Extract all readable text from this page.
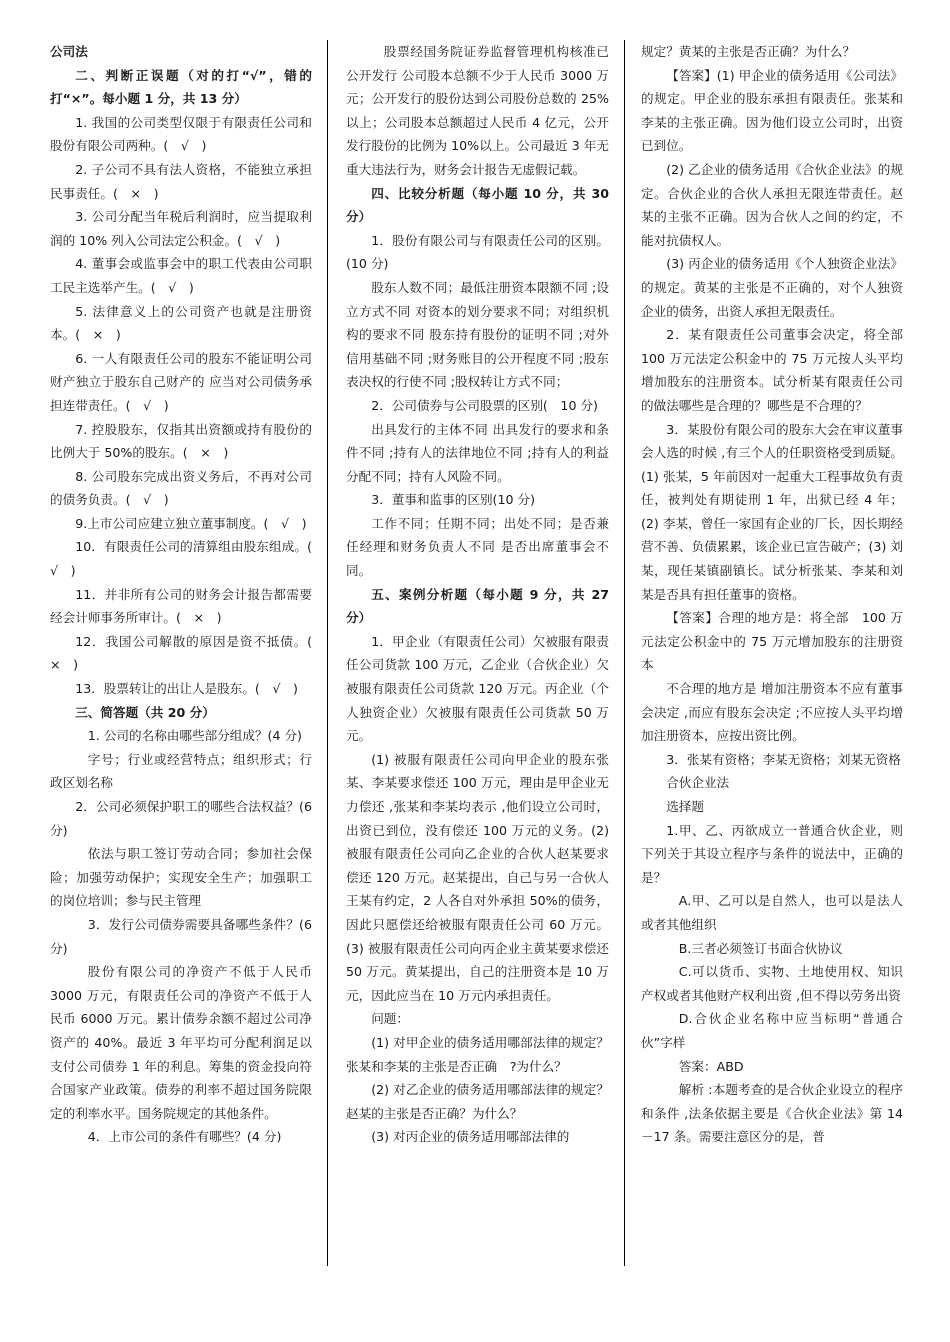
公司法

二、判断正误题（对的打“√”，错的打“×”。每小题 1 分，共 13 分）

1. 我国的公司类型仅限于有限责任公司和股份有限公司两种。(　√　)

2. 子公司不具有法人资格，不能独立承担民事责任。(　×　)

3. 公司分配当年税后利润时，应当提取利润的 10% 列入公司法定公积金。(　√　)

4. 董事会或监事会中的职工代表由公司职工民主选举产生。(　√　)

5. 法律意义上的公司资产也就是注册资本。(　×　)

6. 一人有限责任公司的股东不能证明公司财产独立于股东自己财产的 应当对公司债务承担连带责任。(　√　)

7. 控股股东，仅指其出资额或持有股份的比例大于 50%的股东。(　×　)

8. 公司股东完成出资义务后，不再对公司的债务负责。(　√　)

9.上市公司应建立独立董事制度。(　√　)

10．有限责任公司的清算组由股东组成。(　√　)

11．并非所有公司的财务会计报告都需要经会计师事务所审计。(　×　)

12．我国公司解散的原因是资不抵债。(　×　)

13．股票转让的出让人是股东。(　√　)

三、简答题（共 20 分）

1. 公司的名称由哪些部分组成？(4 分)

字号；行业或经营特点；组织形式；行政区划名称

2．公司必须保护职工的哪些合法权益？(6 分)

依法与职工签订劳动合同；参加社会保险；加强劳动保护；实现安全生产；加强职工的岗位培训；参与民主管理

3．发行公司债券需要具备哪些条件？(6 分)

股份有限公司的净资产不低于人民币 3000 万元，有限责任公司的净资产不低于人民币 6000 万元。累计债券余额不超过公司净资产的 40%。最近 3 年平均可分配利润足以支付公司债券 1 年的利息。筹集的资金投向符合国家产业政策。债券的利率不超过国务院限定的利率水平。国务院规定的其他条件。

4．上市公司的条件有哪些？(4 分)

股票经国务院证券监督管理机构核准已公开发行 公司股本总额不少于人民币 3000 万元；公开发行的股份达到公司股份总数的 25%以上；公司股本总额超过人民币 4 亿元，公开发行股份的比例为 10%以上。公司最近 3 年无重大违法行为，财务会计报告无虚假记载。

四、比较分析题（每小题 10 分，共 30 分）

1．股份有限公司与有限责任公司的区别。(10 分)

股东人数不同；最低注册资本限额不同 ;设立方式不同 对资本的划分要求不同；对组织机构的要求不同 股东持有股份的证明不同 ;对外信用基础不同 ;财务账目的公开程度不同 ;股东表决权的行使不同 ;股权转让方式不同；

2．公司债券与公司股票的区别(　10 分)

出具发行的主体不同 出具发行的要求和条件不同 ;持有人的法律地位不同 ;持有人的利益分配不同；持有人风险不同。

3．董事和监事的区别(10 分)

工作不同；任期不同；出处不同；是否兼任经理和财务负责人不同 是否出席董事会不同。

五、案例分析题（每小题 9 分，共 27 分）

1．甲企业（有限责任公司）欠被服有限责任公司货款 100 万元，乙企业（合伙企业）欠被服有限责任公司货款 120 万元。丙企业（个人独资企业）欠被服有限责任公司货款 50 万元。

(1) 被服有限责任公司向甲企业的股东张某、李某要求偿还 100 万元，理由是甲企业无力偿还 ,张某和李某均表示 ,他们设立公司时，出资已到位，没有偿还 100 万元的义务。(2) 被服有限责任公司向乙企业的合伙人赵某要求偿还 120 万元。赵某提出，自己与另一合伙人王某有约定，2 人各自对外承担 50%的债务，因此只愿偿还给被服有限责任公司 60 万元。(3) 被服有限责任公司向丙企业主黄某要求偿还 50 万元。黄某提出，自己的注册资本是 10 万元，因此应当在 10 万元内承担责任。

问题：

(1) 对甲企业的债务适用哪部法律的规定？张某和李某的主张是否正确　?为什么？

(2) 对乙企业的债务适用哪部法律的规定？赵某的主张是否正确？为什么？

(3) 对丙企业的债务适用哪部法律的

规定？黄某的主张是否正确？为什么？

【答案】(1) 甲企业的债务适用《公司法》的规定。甲企业的股东承担有限责任。张某和李某的主张正确。因为他们设立公司时，出资已到位。

(2) 乙企业的债务适用《合伙企业法》的规定。合伙企业的合伙人承担无限连带责任。赵某的主张不正确。因为合伙人之间的约定，不能对抗债权人。

(3) 丙企业的债务适用《个人独资企业法》的规定。黄某的主张是不正确的，对个人独资企业的债务，出资人承担无限责任。

2．某有限责任公司董事会决定，将全部 100 万元法定公积金中的 75 万元按人头平均增加股东的注册资本。试分析某有限责任公司的做法哪些是合理的？哪些是不合理的？

3．某股份有限公司的股东大会在审议董事会人选的时候 ,有三个人的任职资格受到质疑。(1) 张某，5 年前因对一起重大工程事故负有责任，被判处有期徒刑 1 年，出狱已经 4 年；(2) 李某，曾任一家国有企业的厂长，因长期经营不善、负债累累，该企业已宣告破产；(3) 刘某，现任某镇副镇长。试分析张某、李某和刘某是否具有担任董事的资格。

【答案】合理的地方是：将全部　100 万元法定公积金中的 75 万元增加股东的注册资本

不合理的地方是 增加注册资本不应有董事会决定 ,而应有股东会决定 ;不应按人头平均增加注册资本，应按出资比例。

3．张某有资格；李某无资格；刘某无资格

合伙企业法

选择题

1.甲、乙、丙欲成立一普通合伙企业，则下列关于其设立程序与条件的说法中，正确的是？

A.甲、乙可以是自然人，也可以是法人或者其他组织

B.三者必须签订书面合伙协议

C.可以货币、实物、土地使用权、知识产权或者其他财产权利出资 ,但不得以劳务出资

D.合伙企业名称中应当标明“普通合伙”字样

答案：ABD

解析 :本题考查的是合伙企业设立的程序和条件 ,法条依据主要是《合伙企业法》第 14－17 条。需要注意区分的是，普
